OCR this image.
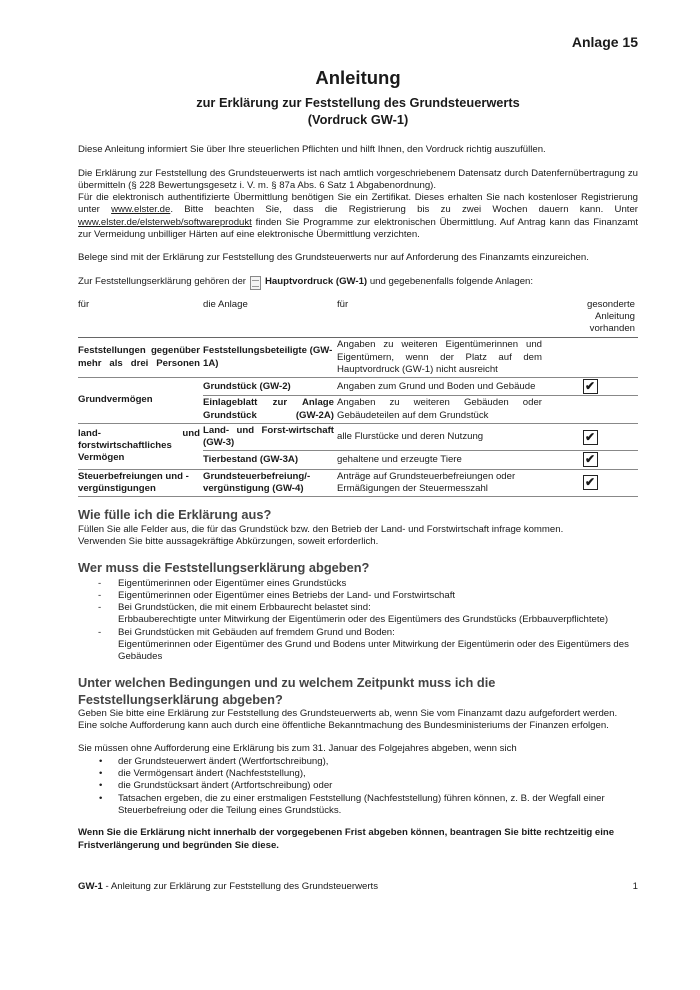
Anlage 15
Anleitung
zur Erklärung zur Feststellung des Grundsteuerwerts
(Vordruck GW-1)

Diese Anleitung informiert Sie über Ihre steuerlichen Pflichten und hilft Ihnen, den Vordruck richtig auszufüllen.

Die Erklärung zur Feststellung des Grundsteuerwerts ist nach amtlich vorgeschriebenem Datensatz durch Datenfernübertragung zu übermitteln (§ 228 Bewertungsgesetz i. V. m. § 87a Abs. 6 Satz 1 Abgabenordnung).

Für die elektronisch authentifizierte Übermittlung benötigen Sie ein Zertifikat. Dieses erhalten Sie nach kostenloser Registrierung unter www.elster.de. Bitte beachten Sie, dass die Registrierung bis zu zwei Wochen dauern kann. Unter www.elster.de/elsterweb/softwareprodukt finden Sie Programme zur elektronischen Übermittlung. Auf Antrag kann das Finanzamt zur Vermeidung unbilliger Härten auf eine elektronische Übermittlung verzichten.

Belege sind mit der Erklärung zur Feststellung des Grundsteuerwerts nur auf Anforderung des Finanzamts einzureichen.

Zur Feststellungserklärung gehören der Hauptvordruck (GW-1)
und gegebenenfalls folgende Anlagen:
für	die Anlage	für	gesonderte Anleitung
vorhanden

Feststellungen gegenüber mehr als drei Personen	Feststellungsbeteiligte (GW-1A)	Angaben zu weiteren Eigentümerinnen und Eigentümern, wenn der Platz auf dem Hauptvordruck (GW-1) nicht ausreicht	
Grundvermögen	Grundstück (GW-2)	Angaben zum Grund und Boden und Gebäude	✔
	Einlageblatt zur Anlage Grundstück (GW-2A)	Angaben zu weiteren Gebäuden oder Gebäudeteilen auf dem Grundstück	
land- und forstwirtschaftliches Vermögen	Land- und Forst-wirtschaft (GW-3)	alle Flurstücke und deren Nutzung	✔
	Tierbestand (GW-3A)	gehaltene und erzeugte Tiere	✔
Steuerbefreiungen und -vergünstigungen	Grundsteuerbefreiung/-vergünstigung (GW-4)	Anträge auf Grundsteuerbefreiungen oder Ermäßigungen der Steuermesszahl	✔
Wie fülle ich die Erklärung aus?

Füllen Sie alle Felder aus, die für das Grundstück bzw. den Betrieb der Land- und Forstwirtschaft infrage kommen.

Verwenden Sie bitte aussagekräftige Abkürzungen, soweit erforderlich.

Wer muss die Feststellungserklärung abgeben?
- Eigentümerinnen oder Eigentümer eines Grundstücks
- Eigentümerinnen oder Eigentümer eines Betriebs der Land- und Forstwirtschaft
- Bei Grundstücken, die mit einem Erbbaurecht belastet sind:
Erbbauberechtigte unter Mitwirkung der Eigentümerin oder des Eigentümers des Grundstücks (Erbbauverpflichtete)
- Bei Grundstücken mit Gebäuden auf fremdem Grund und Boden:
Eigentümerinnen oder Eigentümer des Grund und Bodens unter Mitwirkung der Eigentümerin oder des Eigentümers des Gebäudes
Unter welchen Bedingungen und zu welchem Zeitpunkt muss ich die Feststellungserklärung abgeben?

Geben Sie bitte eine Erklärung zur Feststellung des Grundsteuerwerts ab, wenn Sie vom Finanzamt dazu aufgefordert werden.

Eine solche Aufforderung kann auch durch eine öffentliche Bekanntmachung des Bundesministeriums der Finanzen erfolgen.

Sie müssen ohne Aufforderung eine Erklärung bis zum 31. Januar des Folgejahres abgeben, wenn sich

• der Grundsteuerwert ändert (Wertfortschreibung),
• die Vermögensart ändert (Nachfeststellung),
• die Grundstücksart ändert (Artfortschreibung) oder
• Tatsachen ergeben, die zu einer erstmaligen Feststellung (Nachfeststellung) führen können, z. B. der Wegfall einer Steuerbefreiung oder die Teilung eines Grundstücks.

Wenn Sie die Erklärung nicht innerhalb der vorgegebenen Frist abgeben können, beantragen Sie bitte rechtzeitig eine Fristverlängerung und begründen Sie diese.

GW-1 - Anleitung zur Erklärung zur Feststellung des Grundsteuerwerts	1
